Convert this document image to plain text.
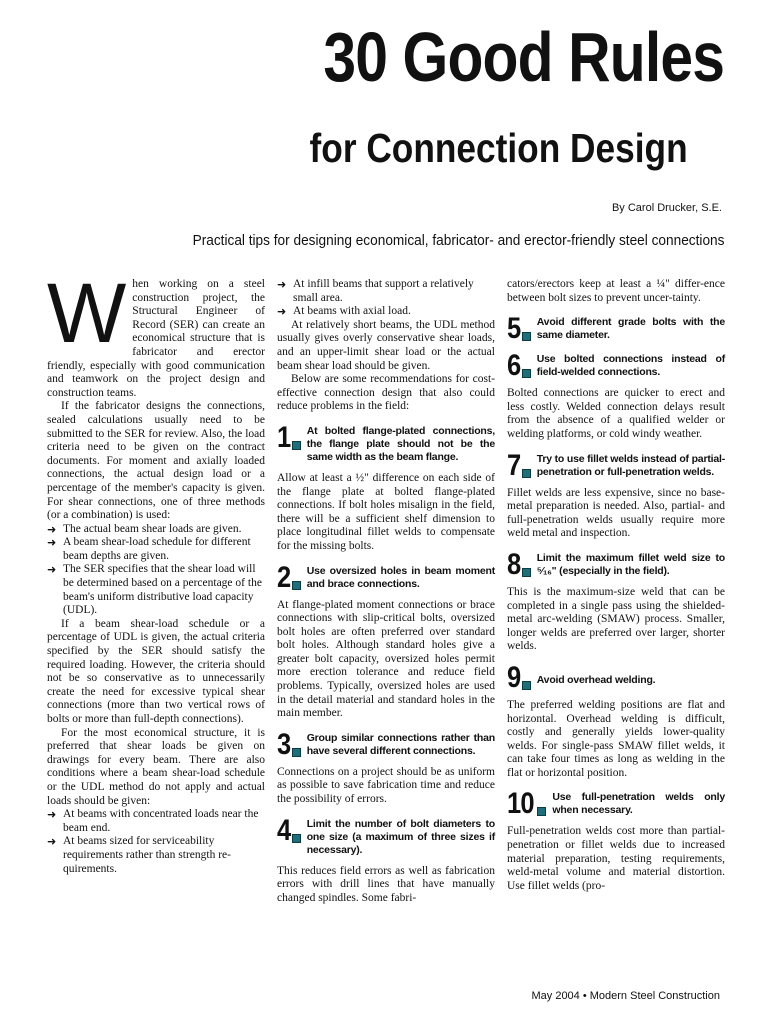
30 Good Rules
for Connection Design
By Carol Drucker, S.E.
Practical tips for designing economical, fabricator- and erector-friendly steel connections

When working on a steel construction project, the Structural Engineer of Record (SER) can create an economical structure that is fabricator and erector friendly, especially with good communication and teamwork on the project design and construction teams.

If the fabricator designs the connections, sealed calculations usually need to be submitted to the SER for review. Also, the load criteria need to be given on the contract documents. For moment and axially loaded connections, the actual design load or a percentage of the member's capacity is given. For shear connections, one of three methods (or a combination) is used:

➜ The actual beam shear loads are given.
➜ A beam shear-load schedule for different beam depths are given.
➜ The SER specifies that the shear load will be determined based on a percentage of the beam's uniform distributive load capacity (UDL).

If a beam shear-load schedule or a percentage of UDL is given, the actual criteria specified by the SER should satisfy the required loading. However, the criteria should not be so conservative as to unnecessarily create the need for excessive typical shear connections (more than two vertical rows of bolts or more than full-depth connections).

For the most economical structure, it is preferred that shear loads be given on drawings for every beam. There are also conditions where a beam shear-load schedule or the UDL method do not apply and actual loads should be given:

➜ At beams with concentrated loads near the beam end.
➜ At beams sized for serviceability requirements rather than strength re-quirements.
➜ At infill beams that support a relatively small area.
➜ At beams with axial load.

At relatively short beams, the UDL method usually gives overly conservative shear loads, and an upper-limit shear load or the actual beam shear load should be given.

Below are some recommendations for cost-effective connection design that also could reduce problems in the field:

1 At bolted flange-plated connections, the flange plate should not be the same width as the beam flange.

Allow at least a ½" difference on each side of the flange plate at bolted flange-plated connections. If bolt holes misalign in the field, there will be a sufficient shelf dimension to place longitudinal fillet welds to compensate for the missing bolts.

2 Use oversized holes in beam moment and brace connections.

At flange-plated moment connections or brace connections with slip-critical bolts, oversized bolt holes are often preferred over standard bolt holes. Although standard holes give a greater bolt capacity, oversized holes permit more erection tolerance and reduce field problems. Typically, oversized holes are used in the detail material and standard holes in the main member.

3 Group similar connections rather than have several different connections.

Connections on a project should be as uniform as possible to save fabrication time and reduce the possibility of errors.

4 Limit the number of bolt diameters to one size (a maximum of three sizes if necessary).

This reduces field errors as well as fabrication errors with drill lines that have manually changed spindles. Some fabri-

cators/erectors keep at least a ¼" differ-ence between bolt sizes to prevent uncer-tainty.

5 Avoid different grade bolts with the same diameter.
6 Use bolted connections instead of field-welded connections.

Bolted connections are quicker to erect and less costly. Welded connection delays result from the absence of a qualified welder or welding platforms, or cold windy weather.

7 Try to use fillet welds instead of partial-penetration or full-penetration welds.

Fillet welds are less expensive, since no base-metal preparation is needed. Also, partial- and full-penetration welds usually require more weld metal and inspection.

8 Limit the maximum fillet weld size to ⁵⁄₁₆" (especially in the field).

This is the maximum-size weld that can be completed in a single pass using the shielded-metal arc-welding (SMAW) process. Smaller, longer welds are preferred over larger, shorter welds.

9 Avoid overhead welding.

The preferred welding positions are flat and horizontal. Overhead welding is difficult, costly and generally yields lower-quality welds. For single-pass SMAW fillet welds, it can take four times as long as welding in the flat or horizontal position.

10 Use full-penetration welds only when necessary.

Full-penetration welds cost more than partial-penetration or fillet welds due to increased material preparation, testing requirements, weld-metal volume and material distortion. Use fillet welds (pro-

May 2004 • Modern Steel Construction
